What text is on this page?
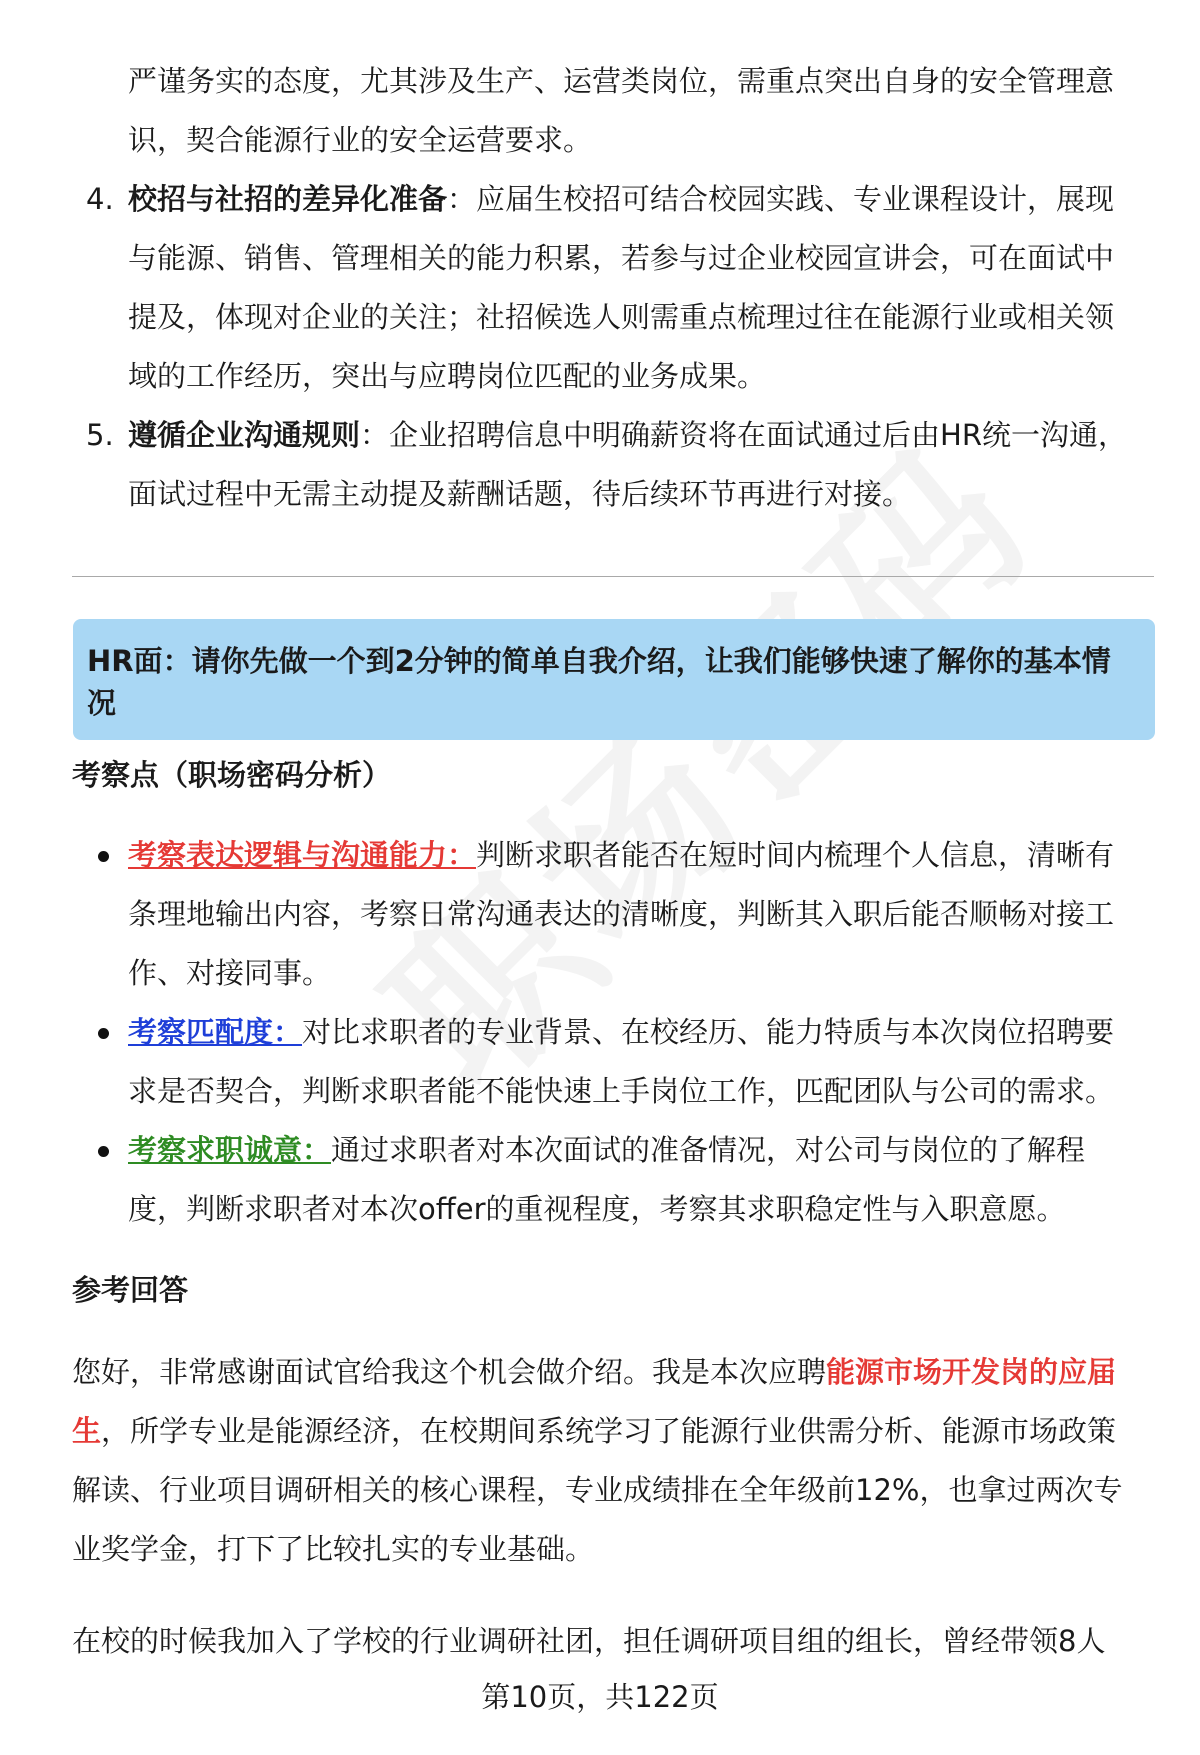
严谨务实的态度，尤其涉及生产、运营类岗位，需重点突出自身的安全管理意
识，契合能源行业的安全运营要求。
4. 校招与社招的差异化准备：应届生校招可结合校园实践、专业课程设计，展现
与能源、销售、管理相关的能力积累，若参与过企业校园宣讲会，可在面试中
提及，体现对企业的关注；社招候选人则需重点梳理过往在能源行业或相关领
域的工作经历，突出与应聘岗位匹配的业务成果。
5. 遵循企业沟通规则：企业招聘信息中明确薪资将在面试通过后由HR统一沟通，
面试过程中无需主动提及薪酬话题，待后续环节再进行对接。
HR面：请你先做一个到2分钟的简单自我介绍，让我们能够快速了解你的基本情
况
考察点（职场密码分析）
考察表达逻辑与沟通能力：判断求职者能否在短时间内梳理个人信息，清晰有
条理地输出内容，考察日常沟通表达的清晰度，判断其入职后能否顺畅对接工
作、对接同事。
考察匹配度：对比求职者的专业背景、在校经历、能力特质与本次岗位招聘要
求是否契合，判断求职者能不能快速上手岗位工作，匹配团队与公司的需求。
考察求职诚意：通过求职者对本次面试的准备情况，对公司与岗位的了解程
度，判断求职者对本次offer的重视程度，考察其求职稳定性与入职意愿。
参考回答
您好，非常感谢面试官给我这个机会做介绍。我是本次应聘能源市场开发岗的应届
生，所学专业是能源经济，在校期间系统学习了能源行业供需分析、能源市场政策
解读、行业项目调研相关的核心课程，专业成绩排在全年级前12%，也拿过两次专
业奖学金，打下了比较扎实的专业基础。
在校的时候我加入了学校的行业调研社团，担任调研项目组的组长，曾经带领8人
第10页，共122页
